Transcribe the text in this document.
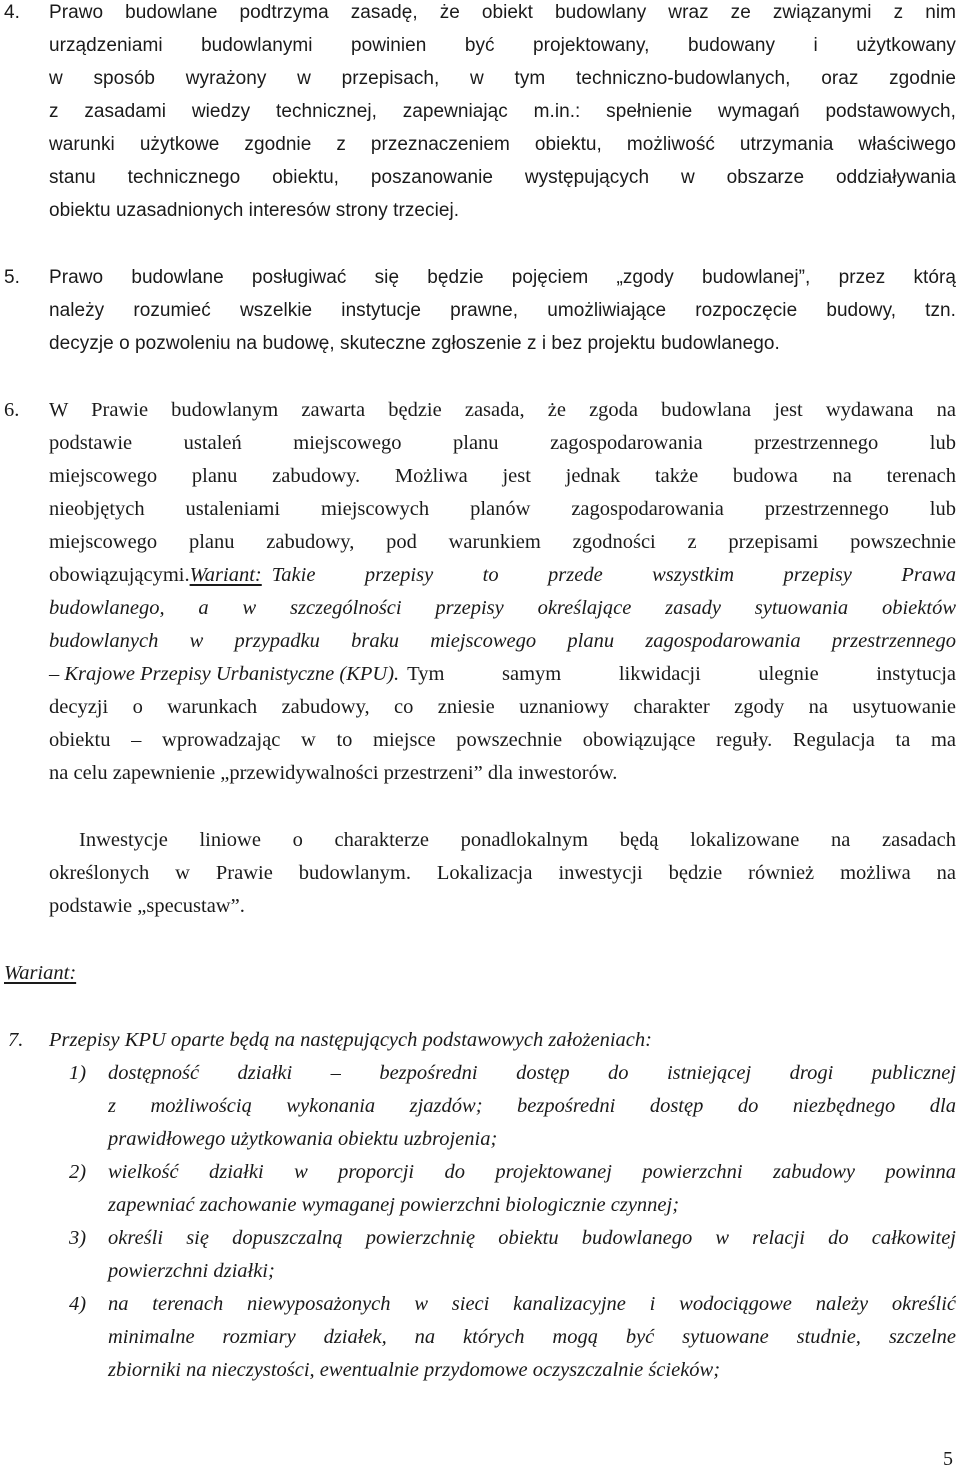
4. Prawo budowlane podtrzyma zasadę, że obiekt budowlany wraz ze związanymi z nim
urządzeniami budowlanymi powinien być projektowany, budowany i użytkowany
w sposób wyrażony w przepisach, w tym techniczno-budowlanych, oraz zgodnie
z zasadami wiedzy technicznej, zapewniając m.in.: spełnienie wymagań podstawowych,
warunki użytkowe zgodnie z przeznaczeniem obiektu, możliwość utrzymania właściwego
stanu technicznego obiektu, poszanowanie występujących w obszarze oddziaływania
obiektu uzasadnionych interesów strony trzeciej.
5. Prawo budowlane posługiwać się będzie pojęciem „zgody budowlanej”, przez którą
należy rozumieć wszelkie instytucje prawne, umożliwiające rozpoczęcie budowy, tzn.
decyzje o pozwoleniu na budowę, skuteczne zgłoszenie z i bez projektu budowlanego.
6. W Prawie budowlanym zawarta będzie zasada, że zgoda budowlana jest wydawana na
podstawie ustaleń miejscowego planu zagospodarowania przestrzennego lub
miejscowego planu zabudowy. Możliwa jest jednak także budowa na terenach
nieobjętych ustaleniami miejscowych planów zagospodarowania przestrzennego lub
miejscowego planu zabudowy, pod warunkiem zgodności z przepisami powszechnie
obowiązującymi. Wariant: Takie przepisy to przede wszystkim przepisy Prawa
budowlanego, a w szczególności przepisy określające zasady sytuowania obiektów
budowlanych w przypadku braku miejscowego planu zagospodarowania przestrzennego
– Krajowe Przepisy Urbanistyczne (KPU). Tym samym likwidacji ulegnie instytucja
decyzji o warunkach zabudowy, co zniesie uznaniowy charakter zgody na usytuowanie
obiektu – wprowadzając w to miejsce powszechnie obowiązujące reguły. Regulacja ta ma
na celu zapewnienie „przewidywalności przestrzeni” dla inwestorów.
Inwestycje liniowe o charakterze ponadlokalnym będą lokalizowane na zasadach
określonych w Prawie budowlanym. Lokalizacja inwestycji będzie również możliwa na
podstawie „specustaw”.
Wariant:
7. Przepisy KPU oparte będą na następujących podstawowych założeniach:
1) dostępność działki – bezpośredni dostęp do istniejącej drogi publicznej
z możliwością wykonania zjazdów; bezpośredni dostęp do niezbędnego dla
prawidłowego użytkowania obiektu uzbrojenia;
2) wielkość działki w proporcji do projektowanej powierzchni zabudowy powinna
zapewniać zachowanie wymaganej powierzchni biologicznie czynnej;
3) określi się dopuszczalną powierzchnię obiektu budowlanego w relacji do całkowitej
powierzchni działki;
4) na terenach niewyposażonych w sieci kanalizacyjne i wodociągowe należy określić
minimalne rozmiary działek, na których mogą być sytuowane studnie, szczelne
zbiorniki na nieczystości, ewentualnie przydomowe oczyszczalnie ścieków;
5
